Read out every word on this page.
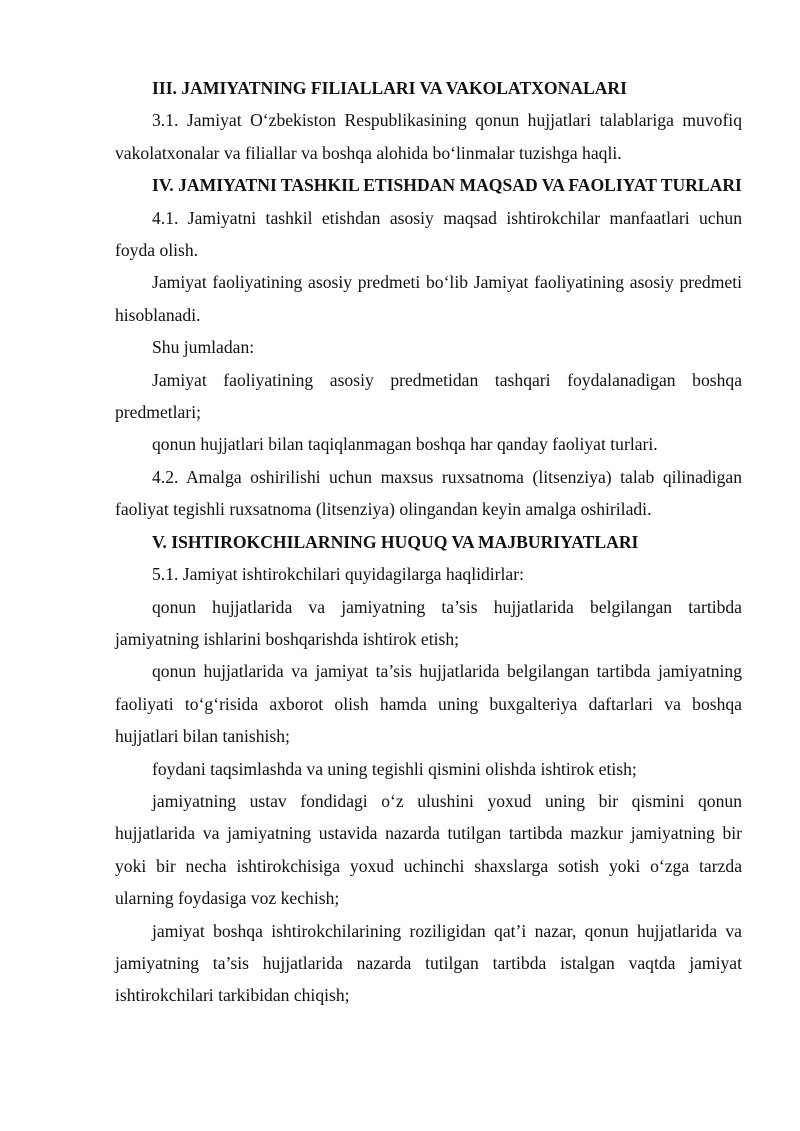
III. JAMIYATNING FILIALLARI VA VAKOLATXONALARI

3.1. Jamiyat O‘zbekiston Respublikasining qonun hujjatlari talablariga muvofiq vakolatxonalar va filiallar va boshqa alohida bo‘linmalar tuzishga haqli.

IV. JAMIYATNI TASHKIL ETISHDAN MAQSAD VA FAOLIYAT TURLARI

4.1. Jamiyatni tashkil etishdan asosiy maqsad ishtirokchilar manfaatlari uchun foyda olish.

Jamiyat faoliyatining asosiy predmeti bo‘lib Jamiyat faoliyatining asosiy predmeti hisoblanadi.

Shu jumladan:

Jamiyat faoliyatining asosiy predmetidan tashqari foydalanadigan boshqa predmetlari;

qonun hujjatlari bilan taqiqlanmagan boshqa har qanday faoliyat turlari.

4.2. Amalga oshirilishi uchun maxsus ruxsatnoma (litsenziya) talab qilinadigan faoliyat tegishli ruxsatnoma (litsenziya) olingandan keyin amalga oshiriladi.

V. ISHTIROKCHILARNING HUQUQ VA MAJBURIYATLARI

5.1. Jamiyat ishtirokchilari quyidagilarga haqlidirlar:

qonun hujjatlarida va jamiyatning ta’sis hujjatlarida belgilangan tartibda jamiyatning ishlarini boshqarishda ishtirok etish;

qonun hujjatlarida va jamiyat ta’sis hujjatlarida belgilangan tartibda jamiyatning faoliyati to‘g‘risida axborot olish hamda uning buxgalteriya daftarlari va boshqa hujjatlari bilan tanishish;

foydani taqsimlashda va uning tegishli qismini olishda ishtirok etish;

jamiyatning ustav fondidagi o‘z ulushini yoxud uning bir qismini qonun hujjatlarida va jamiyatning ustavida nazarda tutilgan tartibda mazkur jamiyatning bir yoki bir necha ishtirokchisiga yoxud uchinchi shaxslarga sotish yoki o‘zga tarzda ularning foydasiga voz kechish;

jamiyat boshqa ishtirokchilarining roziligidan qat’i nazar, qonun hujjatlarida va jamiyatning ta’sis hujjatlarida nazarda tutilgan tartibda istalgan vaqtda jamiyat ishtirokchilari tarkibidan chiqish;
